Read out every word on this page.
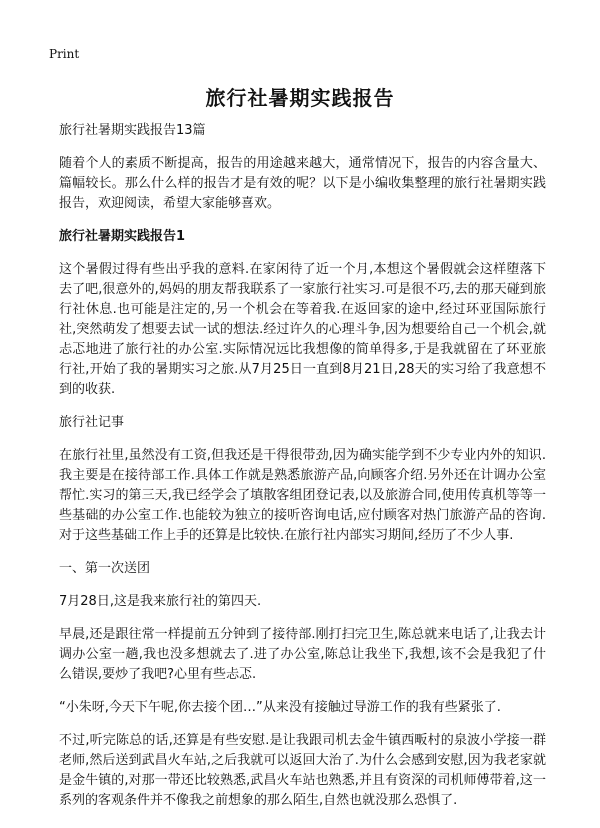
Print
旅行社暑期实践报告

旅行社暑期实践报告13篇

随着个人的素质不断提高，报告的用途越来越大，通常情况下，报告的内容含量大、篇幅较长。那么什么样的报告才是有效的呢？以下是小编收集整理的旅行社暑期实践报告，欢迎阅读，希望大家能够喜欢。

旅行社暑期实践报告1

这个暑假过得有些出乎我的意料.在家闲待了近一个月,本想这个暑假就会这样堕落下去了吧,很意外的,妈妈的朋友帮我联系了一家旅行社实习.可是很不巧,去的那天碰到旅行社休息.也可能是注定的,另一个机会在等着我.在返回家的途中,经过环亚国际旅行社,突然萌发了想要去试一试的想法.经过许久的心理斗争,因为想要给自己一个机会,就忐忑地进了旅行社的办公室.实际情况远比我想像的简单得多,于是我就留在了环亚旅行社,开始了我的暑期实习之旅.从7月25日一直到8月21日,28天的实习给了我意想不到的收获.

旅行社记事

在旅行社里,虽然没有工资,但我还是干得很带劲,因为确实能学到不少专业内外的知识.我主要是在接待部工作.具体工作就是熟悉旅游产品,向顾客介绍.另外还在计调办公室帮忙.实习的第三天,我已经学会了填散客组团登记表,以及旅游合同,使用传真机等等一些基础的办公室工作.也能较为独立的接听咨询电话,应付顾客对热门旅游产品的咨询.对于这些基础工作上手的还算是比较快.在旅行社内部实习期间,经历了不少人事.

一、第一次送团

7月28日,这是我来旅行社的第四天.

早晨,还是跟往常一样提前五分钟到了接待部.刚打扫完卫生,陈总就来电话了,让我去计调办公室一趟,我也没多想就去了.进了办公室,陈总让我坐下,我想,该不会是我犯了什么错误,要炒了我吧?心里有些忐忑.

“小朱呀,今天下午呢,你去接个团…”从来没有接触过导游工作的我有些紧张了.

不过,听完陈总的话,还算是有些安慰.是让我跟司机去金牛镇西畈村的泉波小学接一群老师,然后送到武昌火车站,之后我就可以返回大治了.为什么会感到安慰,因为我老家就是金牛镇的,对那一带还比较熟悉,武昌火车站也熟悉,并且有资深的司机师傅带着,这一系列的客观条件并不像我之前想象的那么陌生,自然也就没那么恐惧了.
